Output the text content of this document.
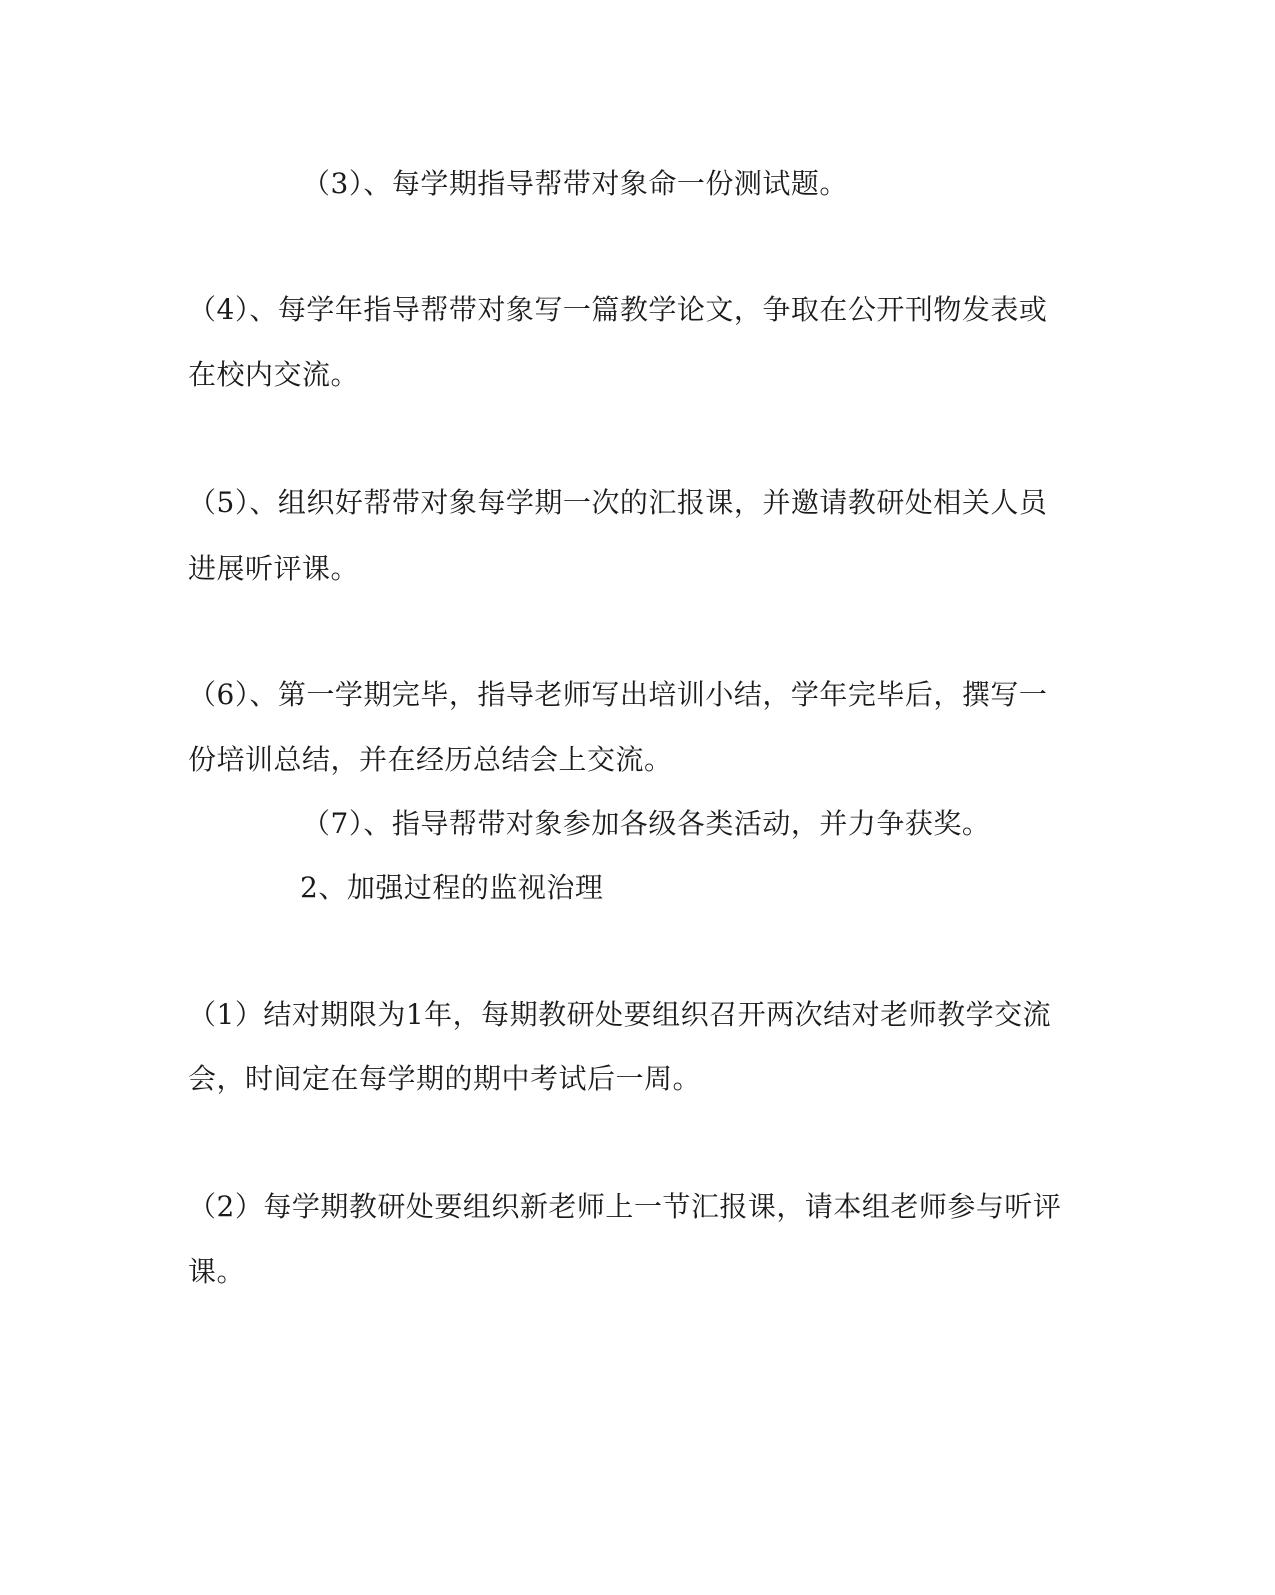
（3）、每学期指导帮带对象命一份测试题。
（4）、每学年指导帮带对象写一篇教学论文，争取在公开刊物发表或
在校内交流。
（5）、组织好帮带对象每学期一次的汇报课，并邀请教研处相关人员
进展听评课。
（6）、第一学期完毕，指导老师写出培训小结，学年完毕后，撰写一
份培训总结，并在经历总结会上交流。
（7）、指导帮带对象参加各级各类活动，并力争获奖。
2、加强过程的监视治理
（1）结对期限为1年，每期教研处要组织召开两次结对老师教学交流
会，时间定在每学期的期中考试后一周。
（2）每学期教研处要组织新老师上一节汇报课，请本组老师参与听评
课。
